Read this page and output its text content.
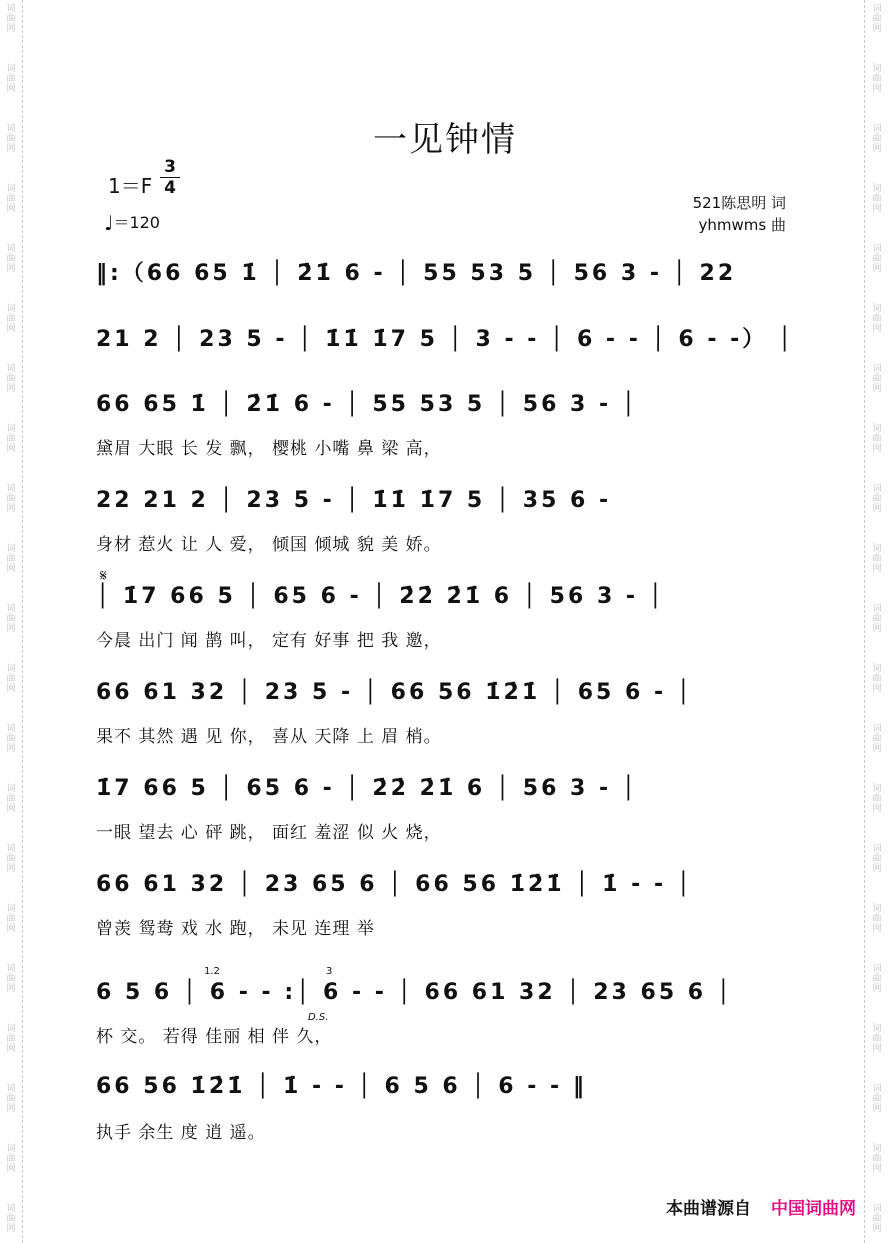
词曲网
词曲网
词曲网
词曲网
词曲网
词曲网
词曲网
词曲网
词曲网
词曲网
词曲网
词曲网
词曲网
词曲网
词曲网
词曲网
词曲网
词曲网
词曲网
词曲网
词曲网
词曲网
词曲网
词曲网
词曲网
词曲网
词曲网
词曲网
词曲网
词曲网
词曲网
词曲网
词曲网
词曲网
词曲网
词曲网
词曲网
词曲网
词曲网
词曲网
词曲网
词曲网
一见钟情
1＝F
3
4
♩＝120
521陈思明 词
yhmwms 曲
𝄋
D.S.
1.2	3
‖:（66 65 1̇ │ 2̇1̇ 6 - │ 55 53 5 │ 56 3 - │ 22
21 2 │ 23 5 - │ 1̇1̇ 1̇7 5 │ 3 - - │ 6 - - │ 6 - -） │
66 65 1̇ │ 2̇1̇ 6 - │ 55 53 5 │ 56 3 - │
黛眉 大眼 长 发 飘， 樱桃 小嘴 鼻 梁 高，
22 21 2 │ 23 5 - │ 1̇1̇ 1̇7 5 │ 35 6 -
身材 惹火 让 人 爱， 倾国 倾城 貌 美 娇。
│ 1̇7 66 5 │ 65 6 - │ 2̇2̇ 2̇1̇ 6 │ 56 3 - │
今晨 出门 闻 鹊 叫， 定有 好事 把 我 邀，
66 61 32 │ 23 5 - │ 66 56 1̇2̇1̇ │ 65 6 - │
果不 其然 遇 见 你， 喜从 天降 上 眉 梢。
1̇7 66 5 │ 65 6 - │ 2̇2̇ 2̇1̇ 6 │ 56 3 - │
一眼 望去 心 砰 跳， 面红 羞涩 似 火 烧，
66 61 32 │ 23 65 6 │ 66 56 1̇2̇1̇ │ 1̇ - - │
曾羡 鸳鸯 戏 水 跑， 未见 连理 举
6 5 6 │ 6 - - :│ 6 - - │ 66 61 32 │ 23 65 6 │
杯 交。 若得 佳丽 相 伴 久，
66 56 1̇2̇1̇ │ 1̇ - - │ 6 5 6 │ 6 - - ‖
执手 余生 度 逍 遥。
本曲谱源自 中国词曲网
